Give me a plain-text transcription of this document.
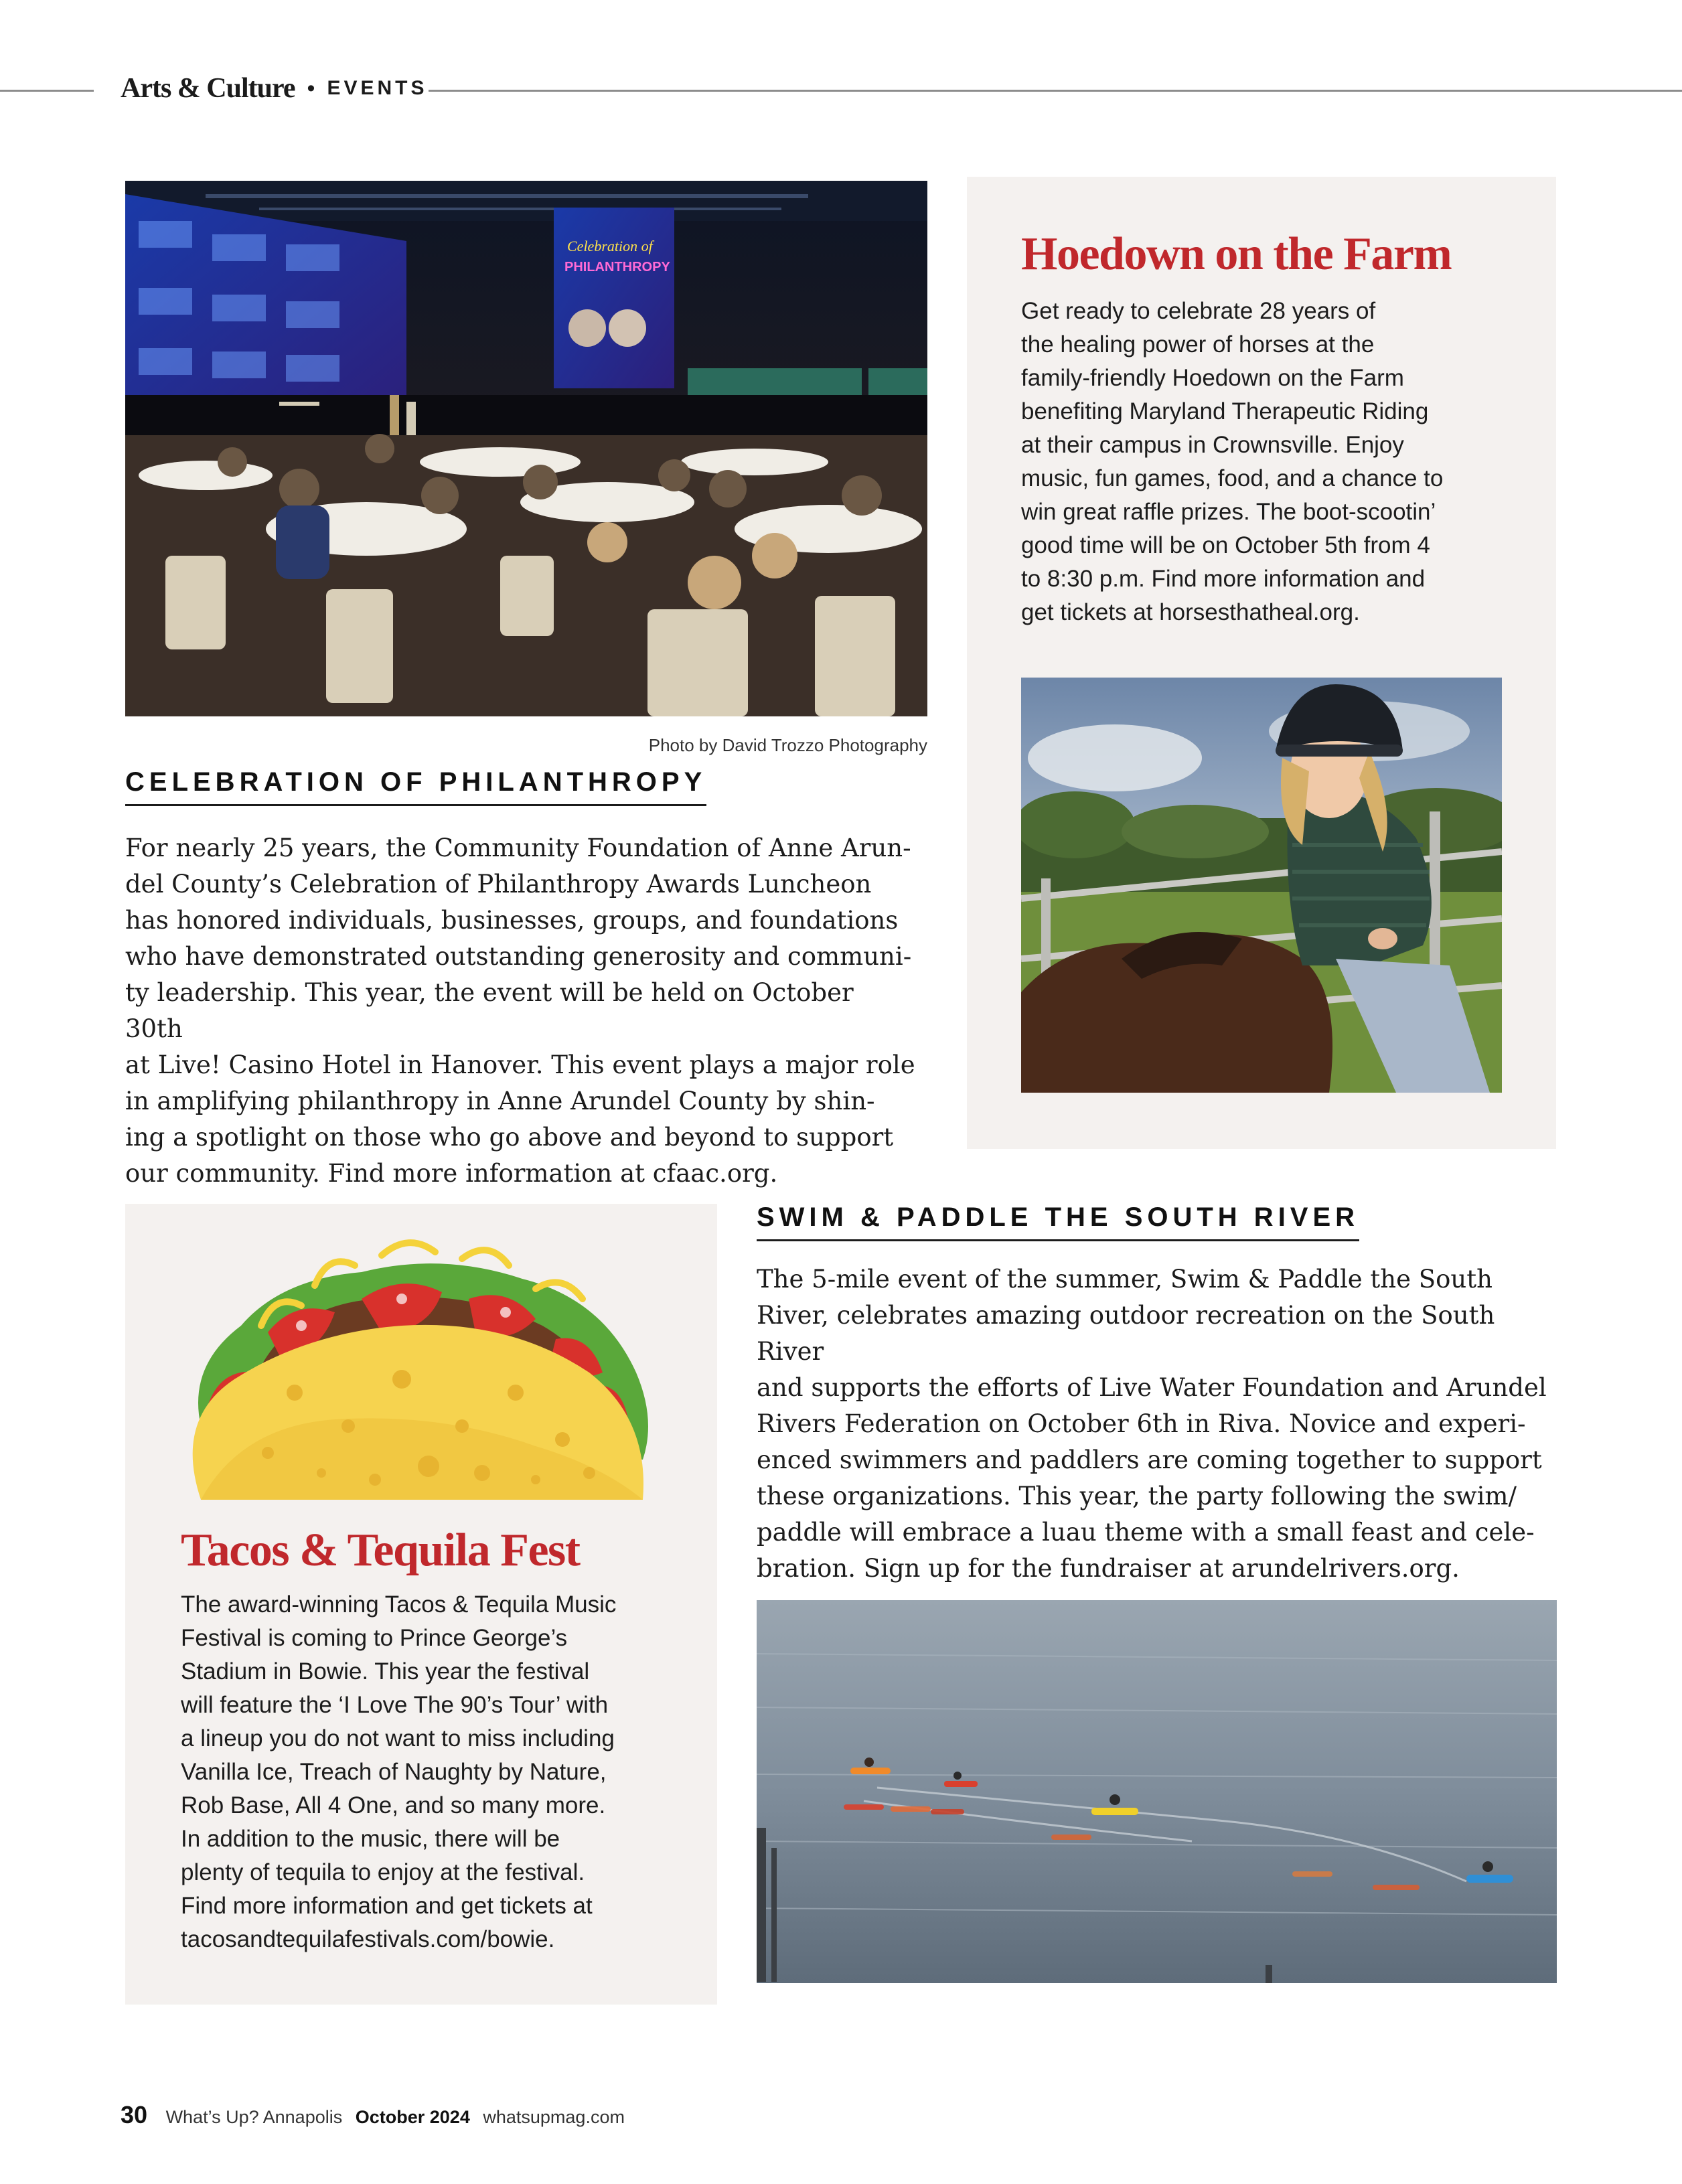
Arts & Culture • EVENTS
Celebration of
PHILANTHROPY
Photo by David Trozzo Photography
CELEBRATION OF PHILANTHROPY
For nearly 25 years, the Community Foundation of Anne Arun-
del County’s Celebration of Philanthropy Awards Luncheon
has honored individuals, businesses, groups, and foundations
who have demonstrated outstanding generosity and communi-
ty leadership. This year, the event will be held on October 30th
at Live! Casino Hotel in Hanover. This event plays a major role
in amplifying philanthropy in Anne Arundel County by shin-
ing a spotlight on those who go above and beyond to support
our community. Find more information at cfaac.org.
Hoedown on the Farm
Get ready to celebrate 28 years of
the healing power of horses at the
family-friendly Hoedown on the Farm
benefiting Maryland Therapeutic Riding
at their campus in Crownsville. Enjoy
music, fun games, food, and a chance to
win great raffle prizes. The boot-scootin’
good time will be on October 5th from 4
to 8:30 p.m. Find more information and
get tickets at horsesthatheal.org.
Tacos & Tequila Fest
The award-winning Tacos & Tequila Music
Festival is coming to Prince George’s
Stadium in Bowie. This year the festival
will feature the ‘I Love The 90’s Tour’ with
a lineup you do not want to miss including
Vanilla Ice, Treach of Naughty by Nature,
Rob Base, All 4 One, and so many more.
In addition to the music, there will be
plenty of tequila to enjoy at the festival.
Find more information and get tickets at
tacosandtequilafestivals.com/bowie.
SWIM & PADDLE THE SOUTH RIVER
The 5-mile event of the summer, Swim & Paddle the South
River, celebrates amazing outdoor recreation on the South River
and supports the efforts of Live Water Foundation and Arundel
Rivers Federation on October 6th in Riva. Novice and experi-
enced swimmers and paddlers are coming together to support
these organizations. This year, the party following the swim/
paddle will embrace a luau theme with a small feast and cele-
bration. Sign up for the fundraiser at arundelrivers.org.
30 What’s Up? Annapolis October 2024 whatsupmag.com
